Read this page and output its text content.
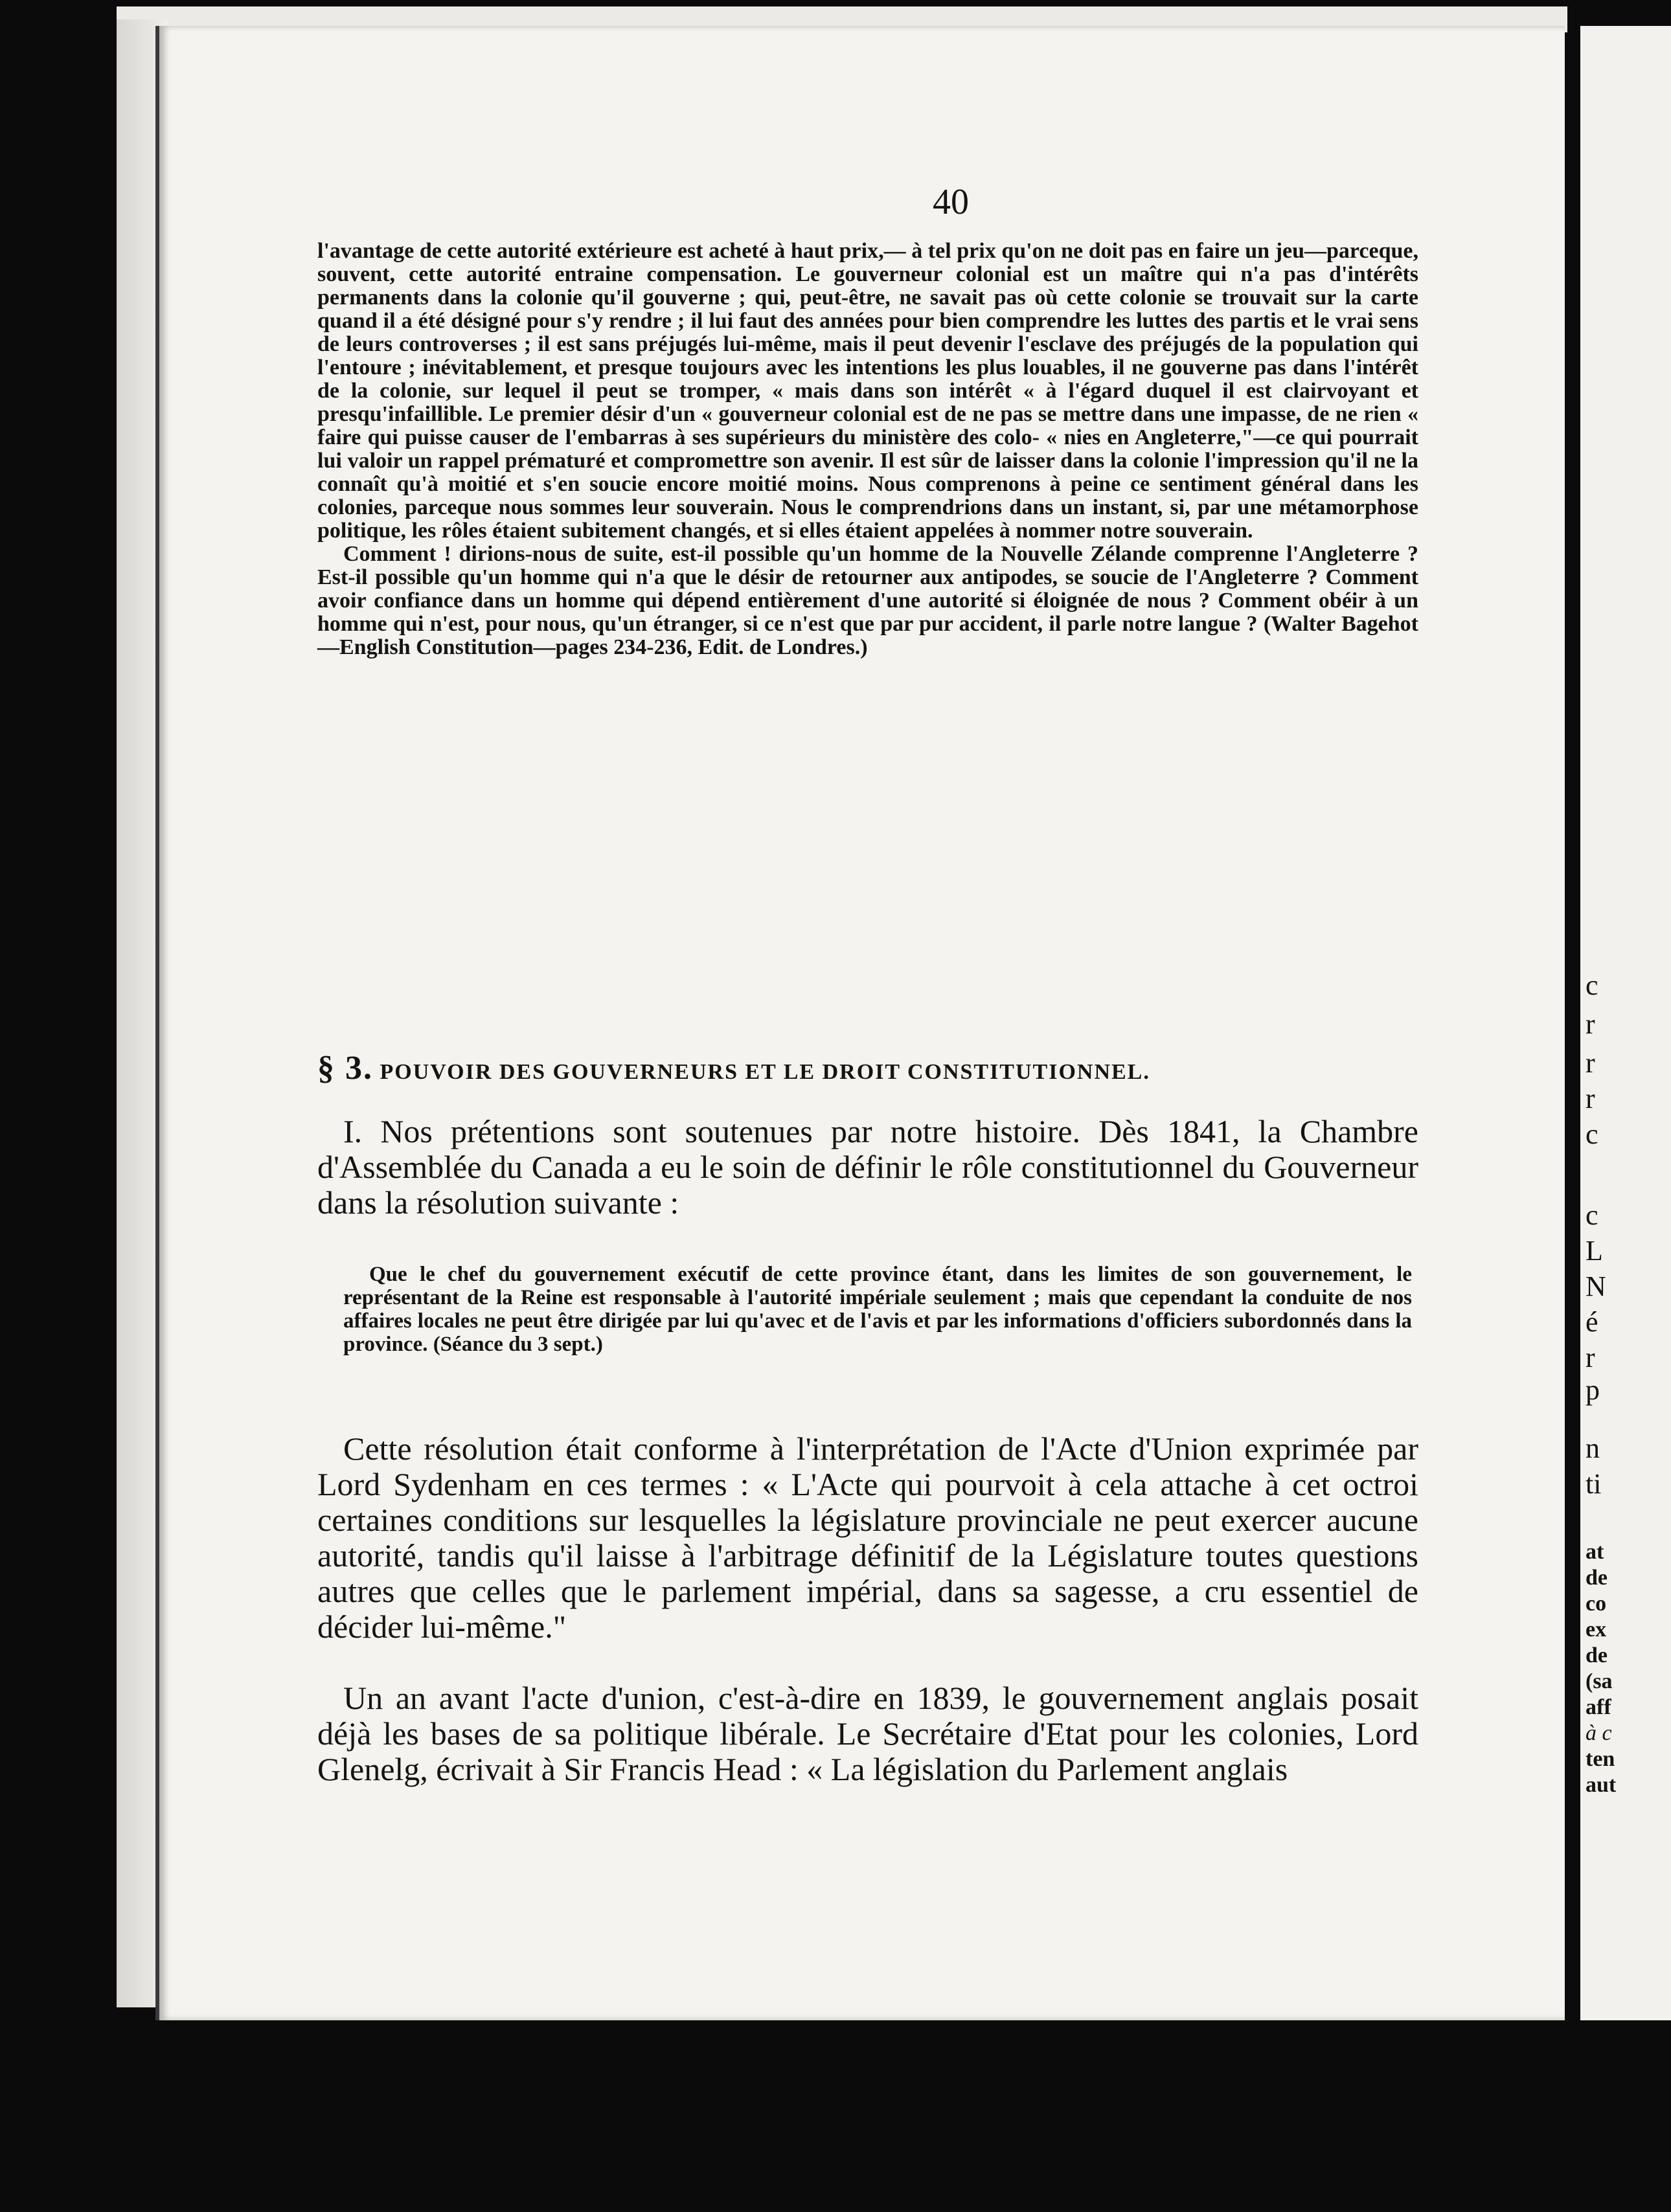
40

l'avantage de cette autorité extérieure est acheté à haut prix,— à tel prix qu'on ne doit pas en faire un jeu—parceque, souvent, cette autorité entraine compensation. Le gouverneur colonial est un maître qui n'a pas d'intérêts permanents dans la colonie qu'il gouverne ; qui, peut-être, ne savait pas où cette colonie se trouvait sur la carte quand il a été désigné pour s'y rendre ; il lui faut des années pour bien comprendre les luttes des partis et le vrai sens de leurs controverses ; il est sans préjugés lui-même, mais il peut devenir l'esclave des préjugés de la population qui l'entoure ; inévitablement, et presque toujours avec les intentions les plus louables, il ne gouverne pas dans l'intérêt de la colonie, sur lequel il peut se tromper, « mais dans son intérêt « à l'égard duquel il est clairvoyant et presqu'infaillible. Le premier désir d'un « gouverneur colonial est de ne pas se mettre dans une impasse, de ne rien « faire qui puisse causer de l'embarras à ses supérieurs du ministère des colo- « nies en Angleterre,"—ce qui pourrait lui valoir un rappel prématuré et compromettre son avenir. Il est sûr de laisser dans la colonie l'impression qu'il ne la connaît qu'à moitié et s'en soucie encore moitié moins. Nous comprenons à peine ce sentiment général dans les colonies, parceque nous sommes leur souverain. Nous le comprendrions dans un instant, si, par une métamorphose politique, les rôles étaient subitement changés, et si elles étaient appelées à nommer notre souverain.

Comment ! dirions-nous de suite, est-il possible qu'un homme de la Nouvelle Zélande comprenne l'Angleterre ? Est-il possible qu'un homme qui n'a que le désir de retourner aux antipodes, se soucie de l'Angleterre ? Comment avoir confiance dans un homme qui dépend entièrement d'une autorité si éloignée de nous ? Comment obéir à un homme qui n'est, pour nous, qu'un étranger, si ce n'est que par pur accident, il parle notre langue ? (Walter Bagehot—English Constitution—pages 234-236, Edit. de Londres.)

§ 3. POUVOIR DES GOUVERNEURS ET LE DROIT CONSTITUTIONNEL.

I. Nos prétentions sont soutenues par notre histoire. Dès 1841, la Chambre d'Assemblée du Canada a eu le soin de définir le rôle constitutionnel du Gouverneur dans la résolution suivante :

Que le chef du gouvernement exécutif de cette province étant, dans les limites de son gouvernement, le représentant de la Reine est responsable à l'autorité impériale seulement ; mais que cependant la conduite de nos affaires locales ne peut être dirigée par lui qu'avec et de l'avis et par les informations d'officiers subordonnés dans la province. (Séance du 3 sept.)

Cette résolution était conforme à l'interprétation de l'Acte d'Union exprimée par Lord Sydenham en ces termes : « L'Acte qui pourvoit à cela attache à cet octroi certaines conditions sur lesquelles la législature provinciale ne peut exercer aucune autorité, tandis qu'il laisse à l'arbitrage définitif de la Législature toutes questions autres que celles que le parlement impérial, dans sa sagesse, a cru essentiel de décider lui-même."

Un an avant l'acte d'union, c'est-à-dire en 1839, le gouvernement anglais posait déjà les bases de sa politique libérale. Le Secrétaire d'Etat pour les colonies, Lord Glenelg, écrivait à Sir Francis Head : « La législation du Parlement anglais

c
r
r
r
c
c
L
N
é
r
p
n
ti
at
de
co
ex
de
(sa
aff
à c
ten
aut
